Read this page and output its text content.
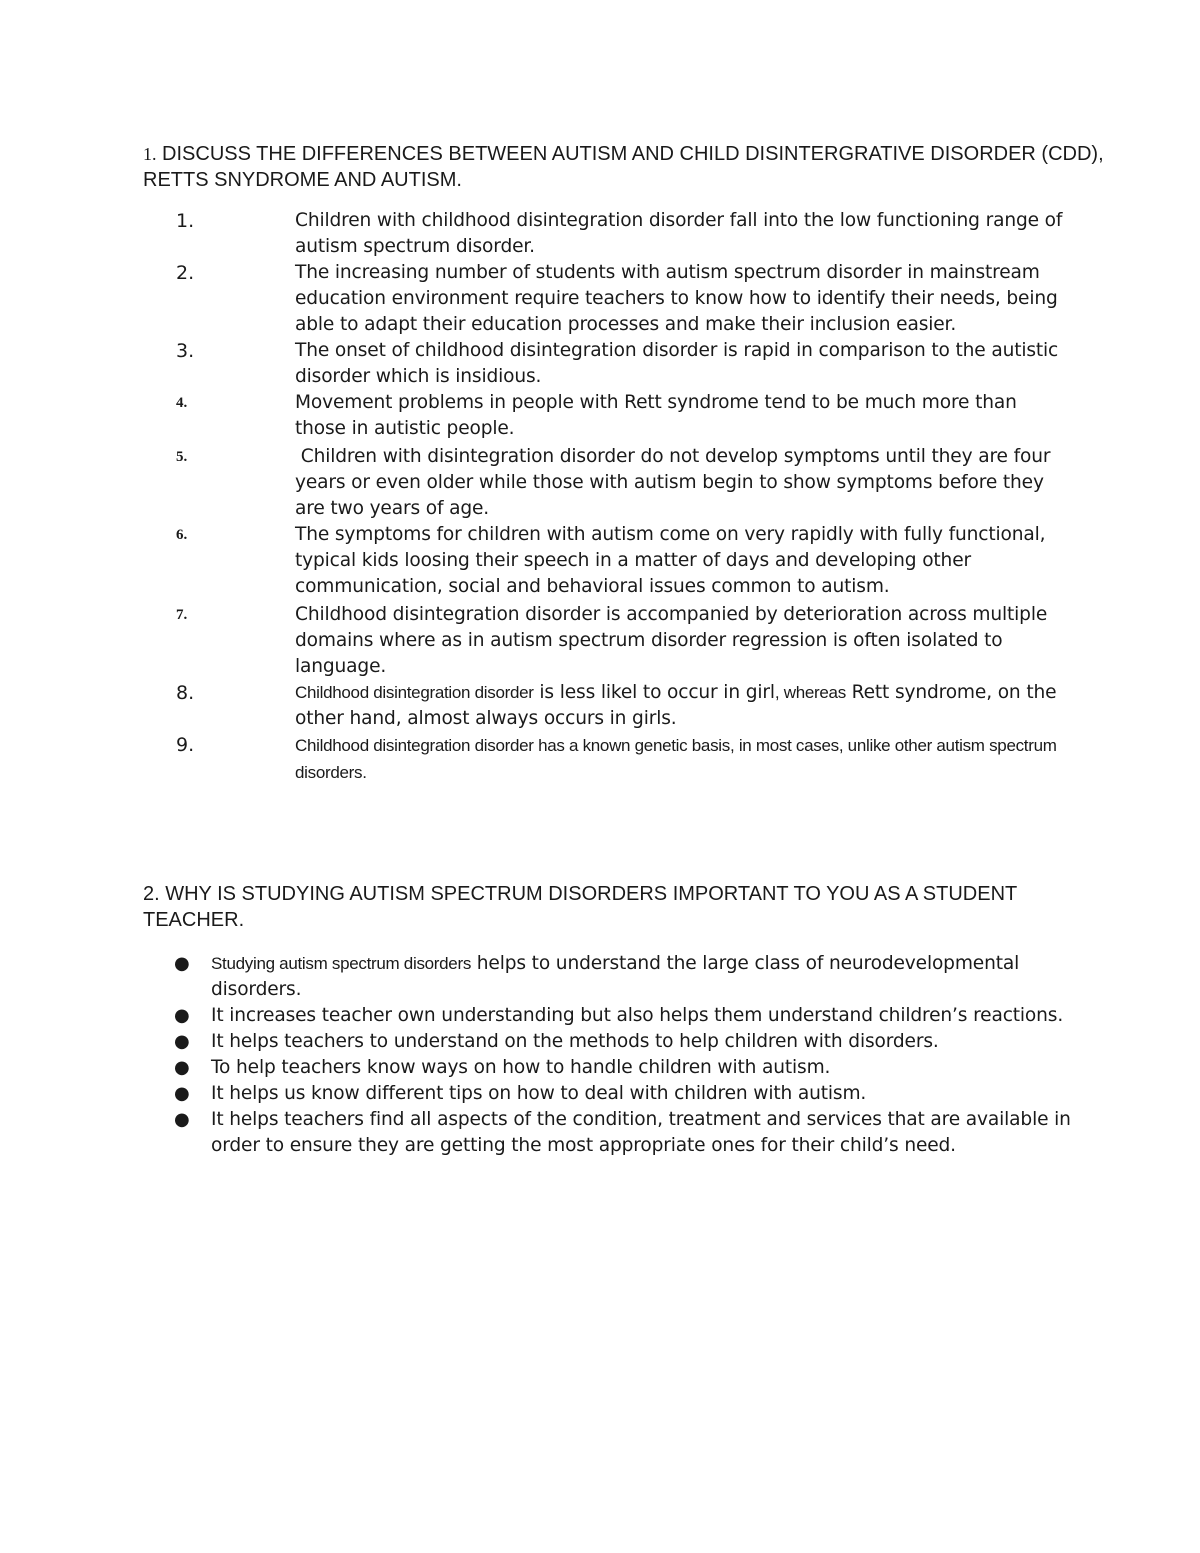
1. DISCUSS THE DIFFERENCES BETWEEN AUTISM AND CHILD DISINTERGRATIVE DISORDER (CDD), RETTS SNYDROME AND AUTISM.
1.	Children with childhood disintegration disorder fall into the low functioning range of autism spectrum disorder.
2.	The increasing number of students with autism spectrum disorder in mainstream education environment require teachers to know how to identify their needs, being able to adapt their education processes and make their inclusion easier.
3.	The onset of childhood disintegration disorder is rapid in comparison to the autistic disorder which is insidious.
4.	Movement problems in people with Rett syndrome tend to be much more than those in autistic people.
5.	Children with disintegration disorder do not develop symptoms until they are four years or even older while those with autism begin to show symptoms before they are two years of age.
6.	The symptoms for children with autism come on very rapidly with fully functional,  typical kids loosing their speech in a matter of days and developing other communication, social and behavioral issues common to autism.
7.	Childhood disintegration disorder is accompanied by deterioration across multiple domains where as in autism spectrum disorder regression is often isolated to language.
8.	Childhood disintegration disorder is less likel to occur in girl, whereas Rett syndrome, on the other hand, almost always occurs in girls.
9.	Childhood disintegration disorder has a known genetic basis, in most cases, unlike other autism spectrum disorders.
2. WHY IS STUDYING AUTISM SPECTRUM DISORDERS IMPORTANT TO YOU AS A STUDENT TEACHER.
● Studying autism spectrum disorders helps to understand the large class of neurodevelopmental disorders.
● It increases teacher own understanding but also helps them understand children’s reactions.
● It helps teachers to understand on the methods to help children with disorders.
● To help teachers know ways on how to handle children with autism.
● It helps us know different tips on how to deal with children with autism.
● It helps teachers find all aspects of the condition, treatment and services that are available in order to ensure they are getting the most appropriate ones for their child’s need.
